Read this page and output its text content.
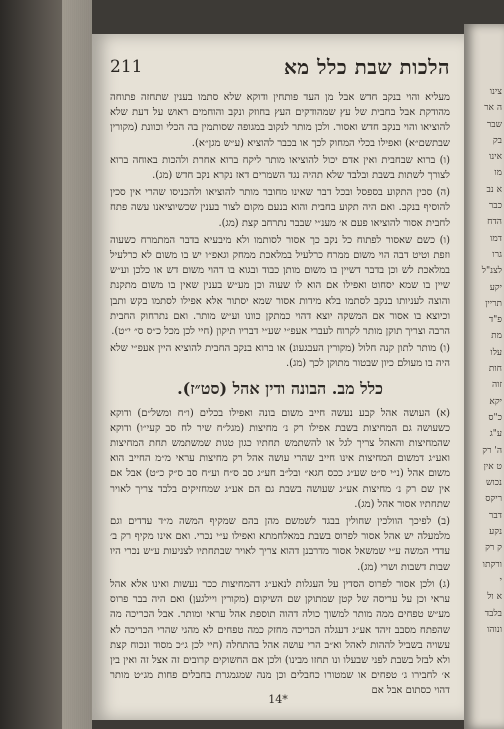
211	הלכות שבת כלל מא

מעליא והוי בנקב חדש אבל מן העד פותחין ודוקא שלא סתמו בענין שתחזה פתוחה מהודקת אבל בחבית של עץ שמהודקים העץ בחוזק ונקב והוחמים ראוש על דעת שלא להוציאו והוי בנקב חדש ואסור. ולכן מותר לנקוב במגופה שסותמין בה הכלי וכוונת (מקורין שבתשם״א) ואפילו בכלי המחוק לכך או בכבר להוציא (ע״ש מגן״א).

(ו) ברוא שבחבית ואין אדם יכול להוציאו מותר ליקח ברוא אחרת ולהכות באוחה ברוא לצורך לשתות בשבת ובלבד שלא תהיה נגד השמרים דאז נקרא נקב חדש (מג).

(ה) סכין התקוע בספסל ובכל דבר שאינו מחובר מותר להוציאו ולהכניסו שהרי אין סכין להוסיף בנקב. ואם היה תקוע בחבית והוא בנעם מקום לצור בענין שכשיוציאנו עשה פתח לחבית אסור להוציאו פעם א׳ מענ״י שבבר נתרחב קצת (מג).

(ו) כשם שאסור לפתוח כל נקב כך אסור לסותמו ולא מיבעיא בדבר המתמרח כשעוה וזפת וטיט דבה הוי משום ממרח כרלעיל במלאכת ממחק וגאפ״ו יש בו משום לא כרלעיל במלאכת לש וכן בדבר דשיין בו משום מותן כבוד ובגוא בו דהוי משום דש או כלכן וע״ש שיין בו שמא יסחוט ואפילו אם הוא לו שעוה וכן מע״ש בענין שאין בו משום מתקנת והוצה לעניותו בנקב לסתמו בלא מידות אסור שמא יסתור אלא אפילו לסתמו בקש ותבן וכיוצא בו אסור אם המשקה יוצא דהוי כמתקן כוונו וע״ש מותר. ואם נתרחוק החבית הרבה וצריך תוקן מותר לקרוח לעברי אעפ״י שע״י דבריו תיקון (חיי לכן מכל כ״ס ס״ י״ט).

(ו) מותר לתון קנה חלול (מקורין העבגעונ) או ברוא בנקב החבית להוציא היין אעפ״י שלא היה בו מעולם כיון שבטור מתוקן לכך (מג).

כלל מב. הבונה ודין אהל (סט״ז).

(א) העושה אהל קבע נעשה חייב משום בונה ואפילו בכלים (ו״ח ומשל״ם) ודוקא כשעושה גם המחיצות בשבת אפילו רק נ׳ מחיצות (מגל״ח שיר לח סב קעי״ו) ודוקא שהמחיצות והאהל צריך לגל או להשתמש תחתיו כגון טגות שמשתמש תחת המחיצות ואע״ג דמשום המחיצות אינו חייב שהרי עושה אהל רק מחיצות עראי מ״מ החייב הוא משום אהל (נ״י ס״ט שע״ג ככס חגא״ ובל״ב חע״ג סב ס״ח וע״ח סב ס״ק כ״ט) אבל אם אין שם רק נ׳ מחיצות אע״ג שעושה בשבת גם הם אע״ג שמחזיקים בלבד צריך לאויר שתחתיו אסור אהל (מג).

(ב) לפיכך הוולכין שחולין בבגד לשמשם מהן בהם שמקיף המשה מ״ד עדדים וגם מלמעלה יש אהל אסור לפרוס בשבת במאלחמתא ואפילו ע״י נכרי. ואם אינו מקיף רק ב׳ עדדי המשה ע״י שמשאל אסור מדרבנן דהוא צריך לאויר שבתחתיו לצניעות ע״ש נכרי היו שבות דשבות ושרי (מג).

(ג) ולכן אסור לפרוס הסדין על העגלות לנאע״ג דהמחיצות ככר נעשות ואינו אלא אהל עראי וכן על עריסה של קטן שמתוקן שם השיקום (מקורין ויילגען) ואם היה בבר פרוס מע״ש טפחים ממה מותר למשוך כולה דהוה תוספת אהל עראי ומותר. אבל הכריכה מה שהפתח מסבב זיהד אע״ג דעגלה הכריכה מחזק כמה טפחים לא מהגי שהרי הכריכה לא עשויה בשביל לההות לאהל וא״ב הרי עושה אהל בהתחלה (חיי לכן ג״כ מסוד ונכוח קצת ולא לבזל בשבת לפני שבעלו ונו תחזו מבינו) ולכן אם החשוקים קרובים זה אצל זה ואין בין א׳ לחבירו ג׳ טפחים או שמטורו כחבלים וכן מנה שמגמגרת בחבלים פחות מג״ט מותר דהוי כסתום אבל אם

14*
צינו
ה אר
שבר
בק
אינו
מו
א נב
כבר
הדח
דמו
גרו
לצנ"ל
יקע
תריין
פ"ד
מת
עלו
חות
זוה
יקא
כ"ס
ע"ג
ה' רק
ט אין
נכוש
ריקס
דבר
נקע
ק רק
ורקתו
י
א ול
בלבד
ונוהו
